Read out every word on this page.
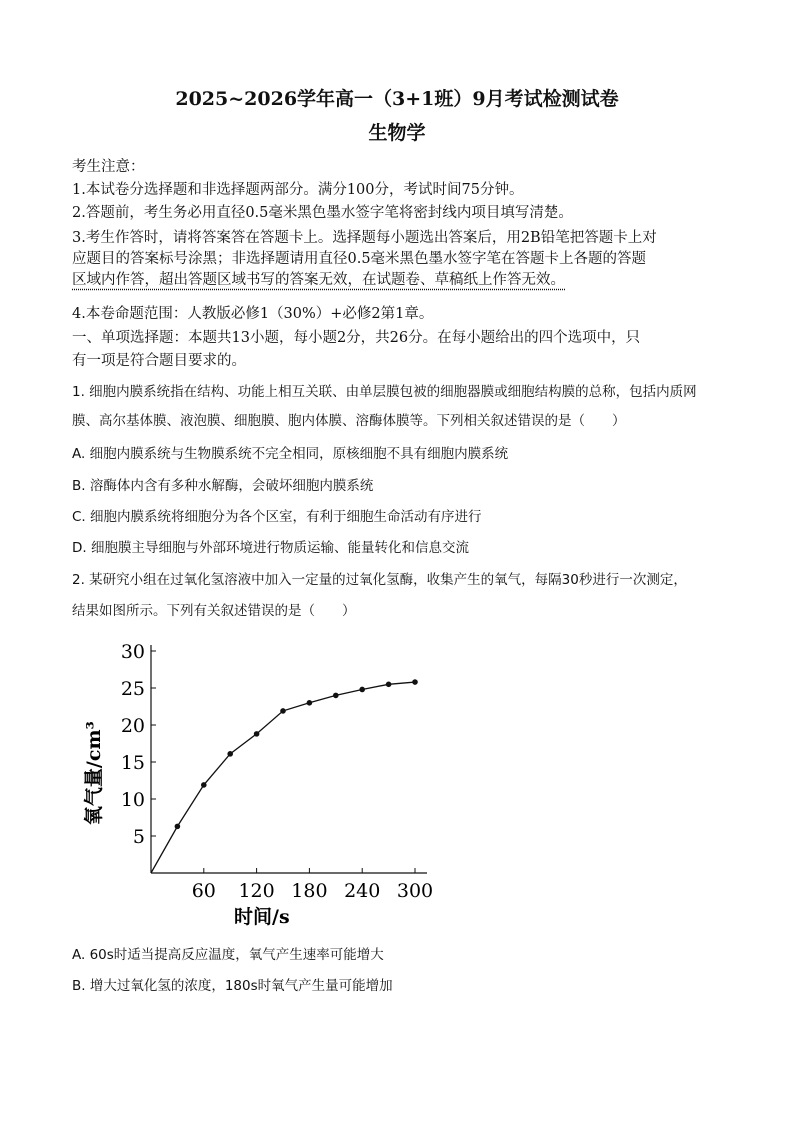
2025~2026学年高一（3+1班）9月考试检测试卷
生物学
考生注意：
1.本试卷分选择题和非选择题两部分。满分100分，考试时间75分钟。
2.答题前，考生务必用直径0.5毫米黑色墨水签字笔将密封线内项目填写清楚。
3.考生作答时，请将答案答在答题卡上。选择题每小题选出答案后，用2B铅笔把答题卡上对
应题目的答案标号涂黑；非选择题请用直径0.5毫米黑色墨水签字笔在答题卡上各题的答题
区域内作答，超出答题区域书写的答案无效，在试题卷、草稿纸上作答无效。
4.本卷命题范围：人教版必修1（30%）+必修2第1章。
一、单项选择题：本题共13小题，每小题2分，共26分。在每小题给出的四个选项中，只
有一项是符合题目要求的。
1. 细胞内膜系统指在结构、功能上相互关联、由单层膜包被的细胞器膜或细胞结构膜的总称，包括内质网
膜、高尔基体膜、液泡膜、细胞膜、胞内体膜、溶酶体膜等。下列相关叙述错误的是（　　）
A. 细胞内膜系统与生物膜系统不完全相同，原核细胞不具有细胞内膜系统
B. 溶酶体内含有多种水解酶，会破坏细胞内膜系统
C. 细胞内膜系统将细胞分为各个区室，有利于细胞生命活动有序进行
D. 细胞膜主导细胞与外部环境进行物质运输、能量转化和信息交流
2. 某研究小组在过氧化氢溶液中加入一定量的过氧化氢酶，收集产生的氧气，每隔30秒进行一次测定，
结果如图所示。下列有关叙述错误的是（　　）
5
10
15
20
25
30
60 120 180 240 300
时间/s
氧气量/cm³
A. 60s时适当提高反应温度，氧气产生速率可能增大
B. 增大过氧化氢的浓度，180s时氧气产生量可能增加
